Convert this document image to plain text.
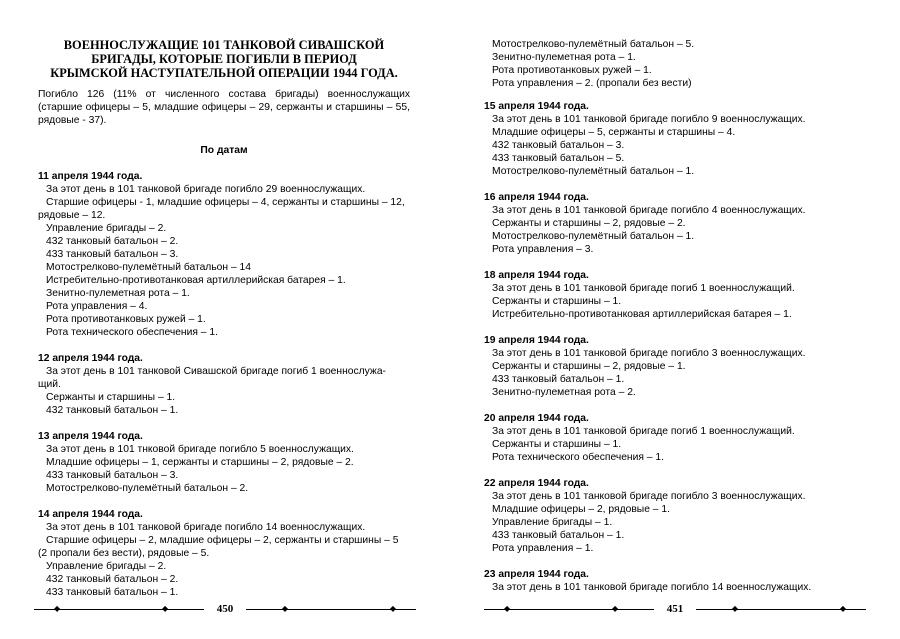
ВОЕННОСЛУЖАЩИЕ 101 ТАНКОВОЙ СИВАШСКОЙ
БРИГАДЫ, КОТОРЫЕ ПОГИБЛИ В ПЕРИОД
КРЫМСКОЙ НАСТУПАТЕЛЬНОЙ ОПЕРАЦИИ 1944 ГОДА.

Погибло 126 (11% от численного состава бригады) военнослужащих (старшие офицеры – 5, младшие офицеры – 29, сержанты и старшины – 55, рядовые - 37).

По датам
11 апреля 1944 года.
За этот день в 101 танковой бригаде погибло 29 военнослужащих.
Старшие офицеры - 1, младшие офицеры – 4, сержанты и старшины – 12,
рядовые – 12.
Управление бригады – 2.
432 танковый батальон – 2.
433 танковый батальон – 3.
Мотострелково-пулемётный батальон – 14
Истребительно-противотанковая артиллерийская батарея – 1.
Зенитно-пулеметная рота – 1.
Рота управления – 4.
Рота противотанковых ружей – 1.
Рота технического обеспечения – 1.
12 апреля 1944 года.
За этот день в 101 танковой Сивашской бригаде погиб 1 военнослужа-
щий.
Сержанты и старшины – 1.
432 танковый батальон – 1.
13 апреля 1944 года.
За этот день в 101 тнковой бригаде погибло 5 военнослужащих.
Младшие офицеры – 1, сержанты и старшины – 2, рядовые – 2.
433 танковый батальон – 3.
Мотострелково-пулемётный батальон – 2.
14 апреля 1944 года.
За этот день в 101 танковой бригаде погибло 14 военнослужащих.
Старшие офицеры – 2, младшие офицеры – 2, сержанты и старшины – 5
(2 пропали без вести), рядовые – 5.
Управление бригады – 2.
432 танковый батальон – 2.
433 танковый батальон – 1.
◆	◆	◆	◆
450
Мотострелково-пулемётный батальон – 5.
Зенитно-пулеметная рота – 1.
Рота противотанковых ружей – 1.
Рота управления – 2. (пропали без вести)
15 апреля 1944 года.
За этот день в 101 танковой бригаде погибло 9 военнослужащих.
Младшие офицеры – 5, сержанты и старшины – 4.
432 танковый батальон – 3.
433 танковый батальон – 5.
Мотострелково-пулемётный батальон – 1.
16 апреля 1944 года.
За этот день в 101 танковой бригаде погибло 4 военнослужащих.
Сержанты и старшины – 2, рядовые – 2.
Мотострелково-пулемётный батальон – 1.
Рота управления – 3.
18 апреля 1944 года.
За этот день в 101 танковой бригаде погиб 1 военнослужащий.
Сержанты и старшины – 1.
Истребительно-противотанковая артиллерийская батарея – 1.
19 апреля 1944 года.
За этот день в 101 танковой бригаде погибло 3 военнослужащих.
Сержанты и старшины – 2, рядовые – 1.
433 танковый батальон – 1.
Зенитно-пулеметная рота – 2.
20 апреля 1944 года.
За этот день в 101 танковой бригаде погиб 1 военнослужащий.
Сержанты и старшины – 1.
Рота технического обеспечения – 1.
22 апреля 1944 года.
За этот день в 101 танковой бригаде погибло 3 военнослужащих.
Младшие офицеры – 2, рядовые – 1.
Управление бригады – 1.
433 танковый батальон – 1.
Рота управления – 1.
23 апреля 1944 года.
За этот день в 101 танковой бригаде погибло 14 военнослужащих.
◆	◆	◆	◆
451
